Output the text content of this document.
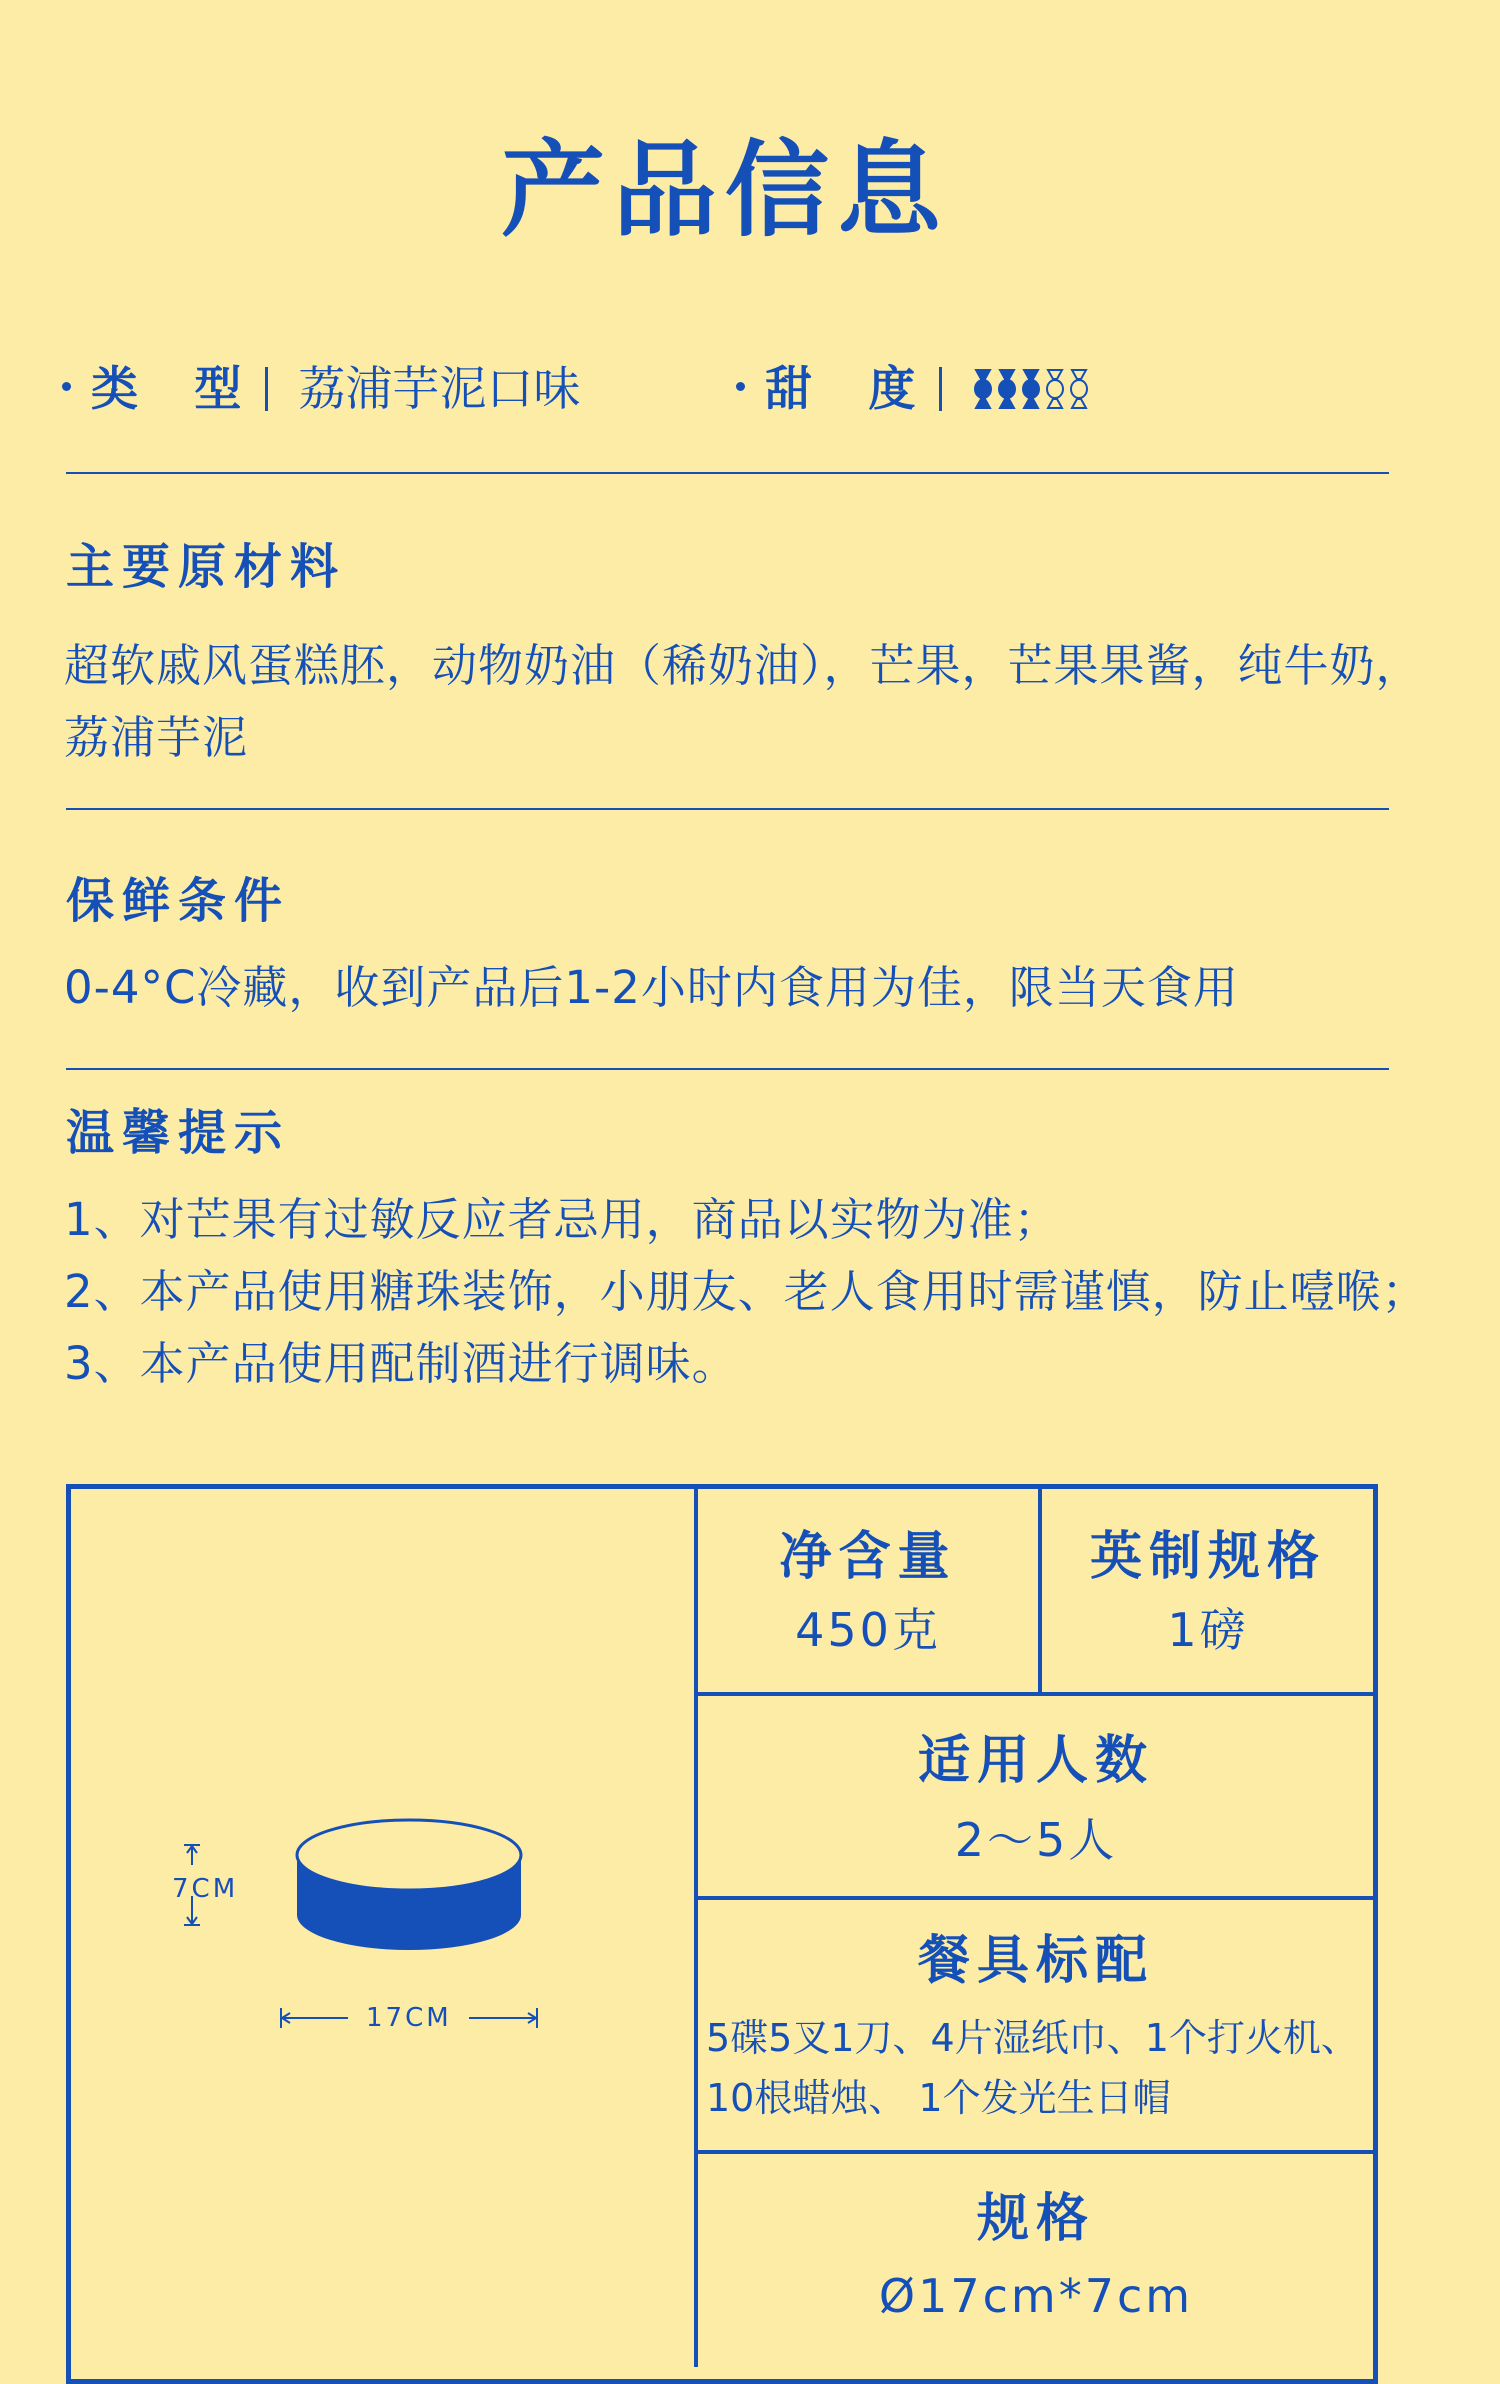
产品信息
类 型 荔浦芋泥口味	甜 度
主要原材料
超软戚风蛋糕胚，动物奶油（稀奶油），芒果，芒果果酱，纯牛奶，
荔浦芋泥
保鲜条件
0-4°C冷藏，收到产品后1-2小时内食用为佳，限当天食用
温馨提示
1、对芒果有过敏反应者忌用，商品以实物为准；
2、本产品使用糖珠装饰，小朋友、老人食用时需谨慎，防止噎喉；
3、本产品使用配制酒进行调味。
7CM
17CM
净含量
450克
英制规格
1磅
适用人数
2～5人
餐具标配
5碟5叉1刀、4片湿纸巾、1个打火机、
10根蜡烛、 1个发光生日帽
规格
Ø17cm*7cm
